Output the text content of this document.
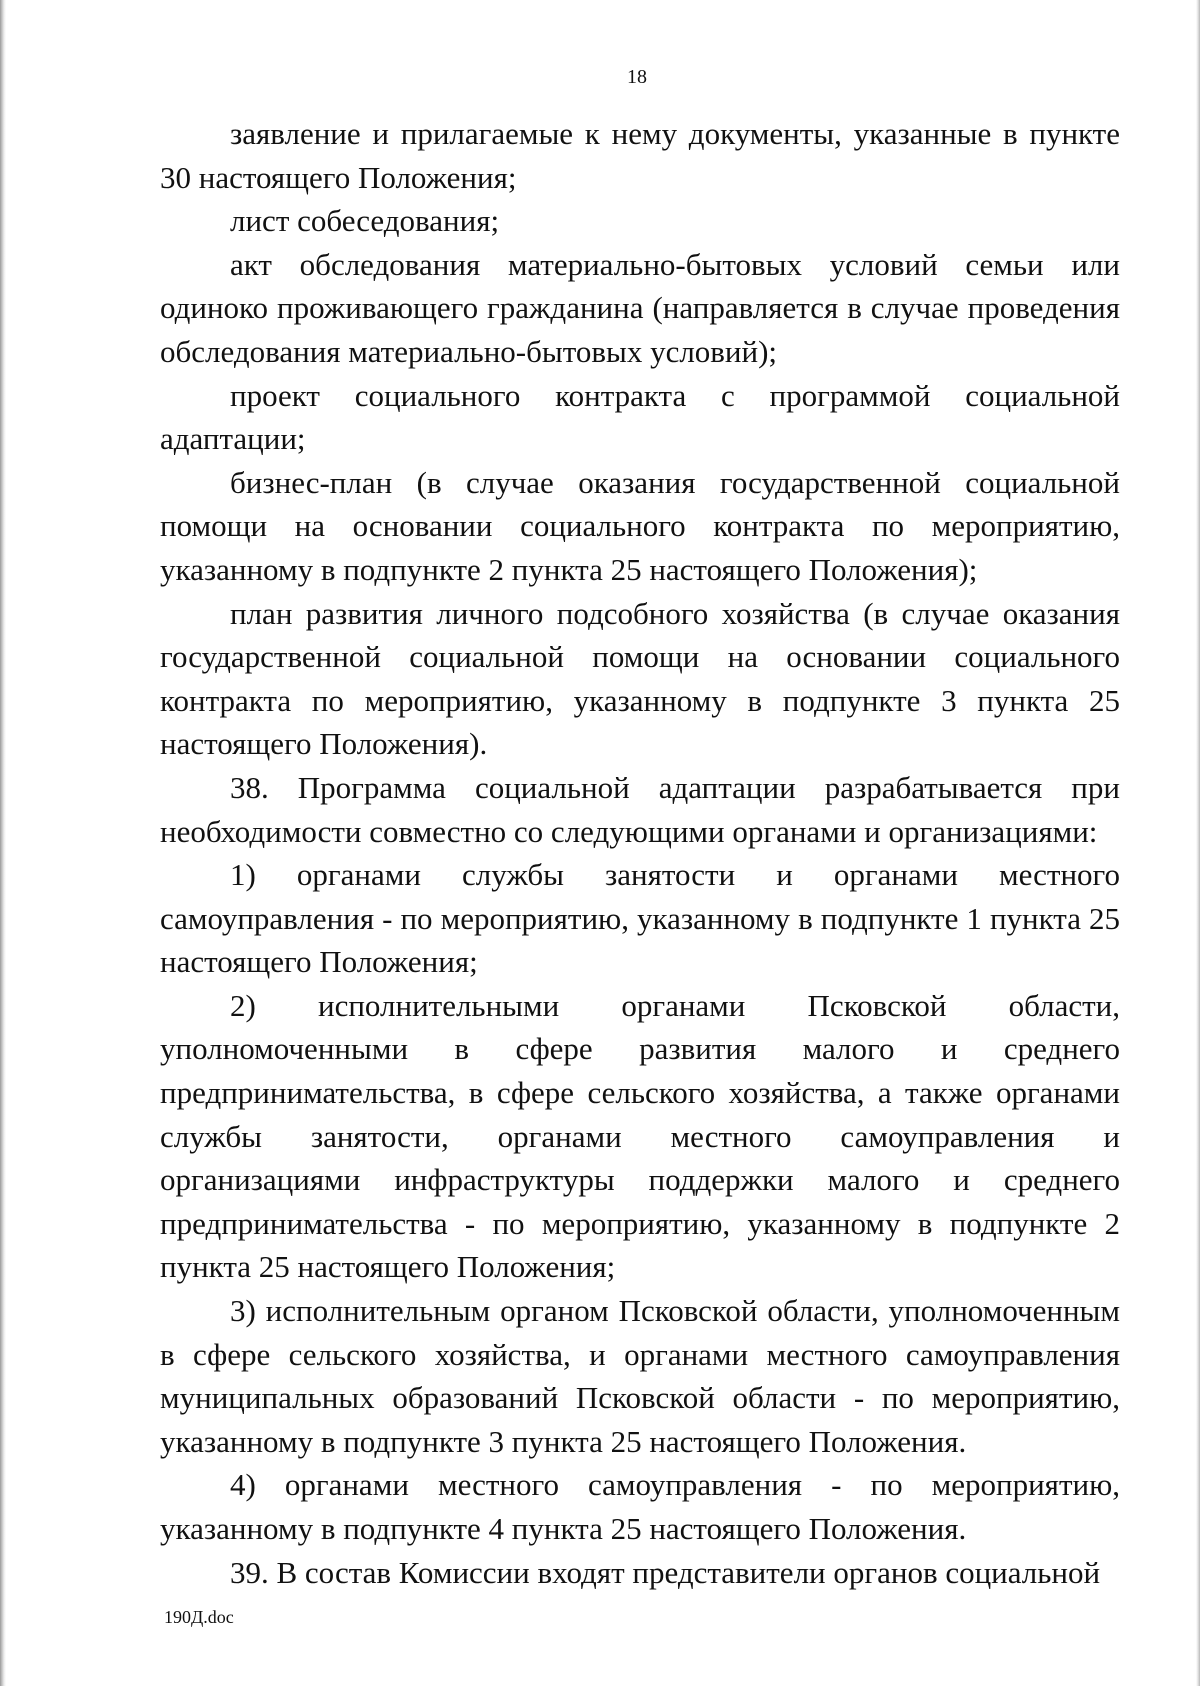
18

заявление и прилагаемые к нему документы, указанные в пункте 30 настоящего Положения;

лист собеседования;

акт обследования материально-бытовых условий семьи или одиноко проживающего гражданина (направляется в случае проведения обследования материально-бытовых условий);

проект социального контракта с программой социальной адаптации;

бизнес-план (в случае оказания государственной социальной помощи на основании социального контракта по мероприятию, указанному в подпункте 2 пункта 25 настоящего Положения);

план развития личного подсобного хозяйства (в случае оказания государственной социальной помощи на основании социального контракта по мероприятию, указанному в подпункте 3 пункта 25 настоящего Положения).

38. Программа социальной адаптации разрабатывается при необходимости совместно со следующими органами и организациями:

1) органами службы занятости и органами местного самоуправления - по мероприятию, указанному в подпункте 1 пункта 25 настоящего Положения;

2) исполнительными органами Псковской области, уполномоченными в сфере развития малого и среднего предпринимательства, в сфере сельского хозяйства, а также органами службы занятости, органами местного самоуправления и организациями инфраструктуры поддержки малого и среднего предпринимательства - по мероприятию, указанному в подпункте 2 пункта 25 настоящего Положения;

3) исполнительным органом Псковской области, уполномоченным в сфере сельского хозяйства, и органами местного самоуправления муниципальных образований Псковской области - по мероприятию, указанному в подпункте 3 пункта 25 настоящего Положения.

4) органами местного самоуправления - по мероприятию, указанному в подпункте 4 пункта 25 настоящего Положения.

39. В состав Комиссии входят представители органов социальной

190Д.doc
